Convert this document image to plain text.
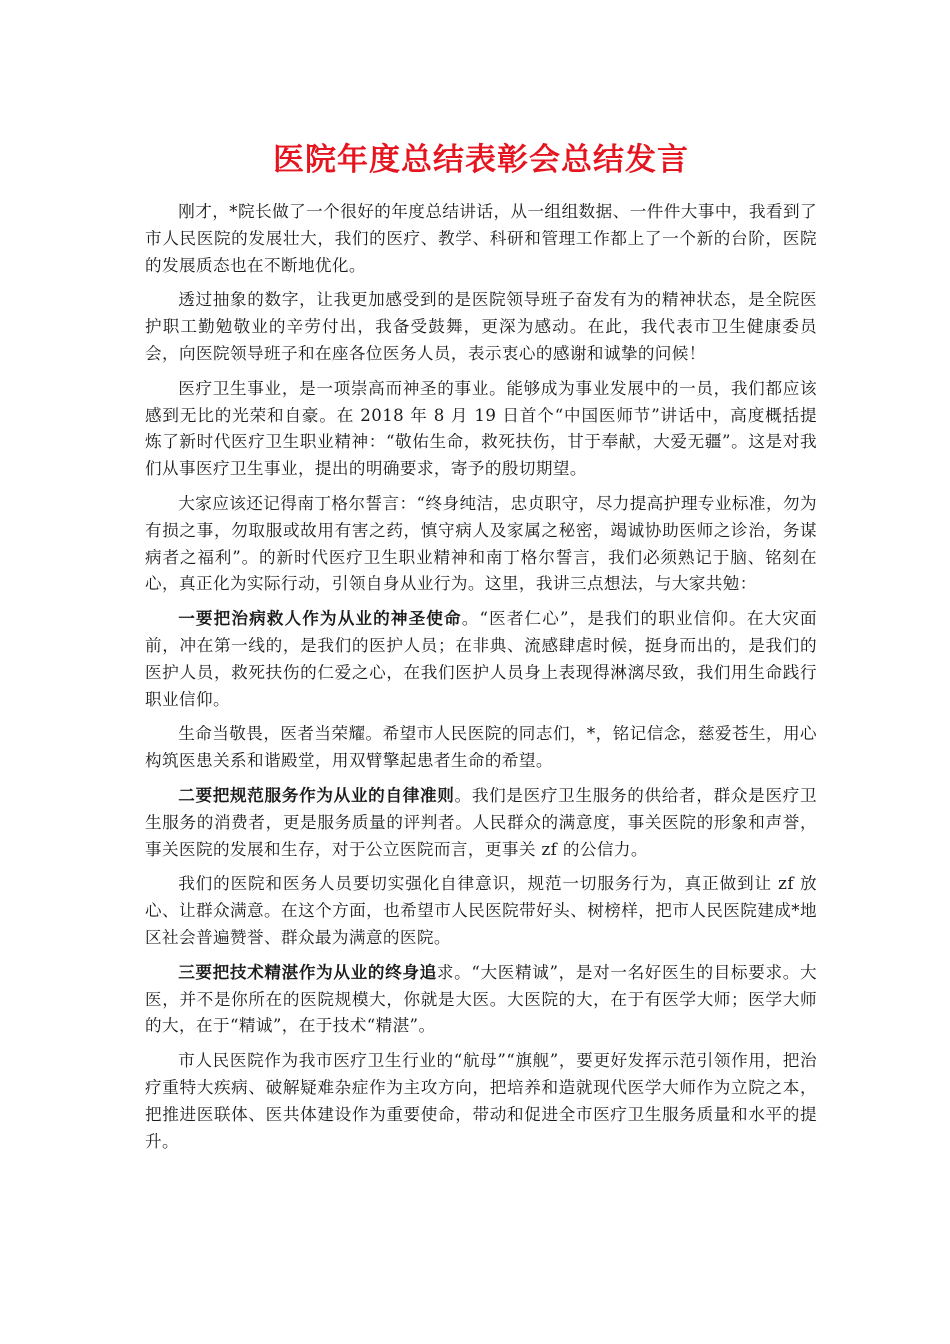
医院年度总结表彰会总结发言

刚才，*院长做了一个很好的年度总结讲话，从一组组数据、一件件大事中，我看到了市人民医院的发展壮大，我们的医疗、教学、科研和管理工作都上了一个新的台阶，医院的发展质态也在不断地优化。

透过抽象的数字，让我更加感受到的是医院领导班子奋发有为的精神状态，是全院医护职工勤勉敬业的辛劳付出，我备受鼓舞，更深为感动。在此，我代表市卫生健康委员会，向医院领导班子和在座各位医务人员，表示衷心的感谢和诚挚的问候！

医疗卫生事业，是一项崇高而神圣的事业。能够成为事业发展中的一员，我们都应该感到无比的光荣和自豪。在 2018 年 8 月 19 日首个“中国医师节”讲话中，高度概括提炼了新时代医疗卫生职业精神：“敬佑生命，救死扶伤，甘于奉献，大爱无疆”。这是对我们从事医疗卫生事业，提出的明确要求，寄予的殷切期望。

大家应该还记得南丁格尔誓言：“终身纯洁，忠贞职守，尽力提高护理专业标准，勿为有损之事，勿取服或故用有害之药，慎守病人及家属之秘密，竭诚协助医师之诊治，务谋病者之福利”。的新时代医疗卫生职业精神和南丁格尔誓言，我们必须熟记于脑、铭刻在心，真正化为实际行动，引领自身从业行为。这里，我讲三点想法，与大家共勉：

一要把治病救人作为从业的神圣使命。“医者仁心”，是我们的职业信仰。在大灾面前，冲在第一线的，是我们的医护人员；在非典、流感肆虐时候，挺身而出的，是我们的医护人员，救死扶伤的仁爱之心，在我们医护人员身上表现得淋漓尽致，我们用生命践行职业信仰。

生命当敬畏，医者当荣耀。希望市人民医院的同志们，*，铭记信念，慈爱苍生，用心构筑医患关系和谐殿堂，用双臂擎起患者生命的希望。

二要把规范服务作为从业的自律准则。我们是医疗卫生服务的供给者，群众是医疗卫生服务的消费者，更是服务质量的评判者。人民群众的满意度，事关医院的形象和声誉，事关医院的发展和生存，对于公立医院而言，更事关 zf 的公信力。

我们的医院和医务人员要切实强化自律意识，规范一切服务行为，真正做到让 zf 放心、让群众满意。在这个方面，也希望市人民医院带好头、树榜样，把市人民医院建成*地区社会普遍赞誉、群众最为满意的医院。

三要把技术精湛作为从业的终身追求。“大医精诚”，是对一名好医生的目标要求。大医，并不是你所在的医院规模大，你就是大医。大医院的大，在于有医学大师；医学大师的大，在于“精诚”，在于技术“精湛”。

市人民医院作为我市医疗卫生行业的“航母”“旗舰”，要更好发挥示范引领作用，把治疗重特大疾病、破解疑难杂症作为主攻方向，把培养和造就现代医学大师作为立院之本，把推进医联体、医共体建设作为重要使命，带动和促进全市医疗卫生服务质量和水平的提升。
